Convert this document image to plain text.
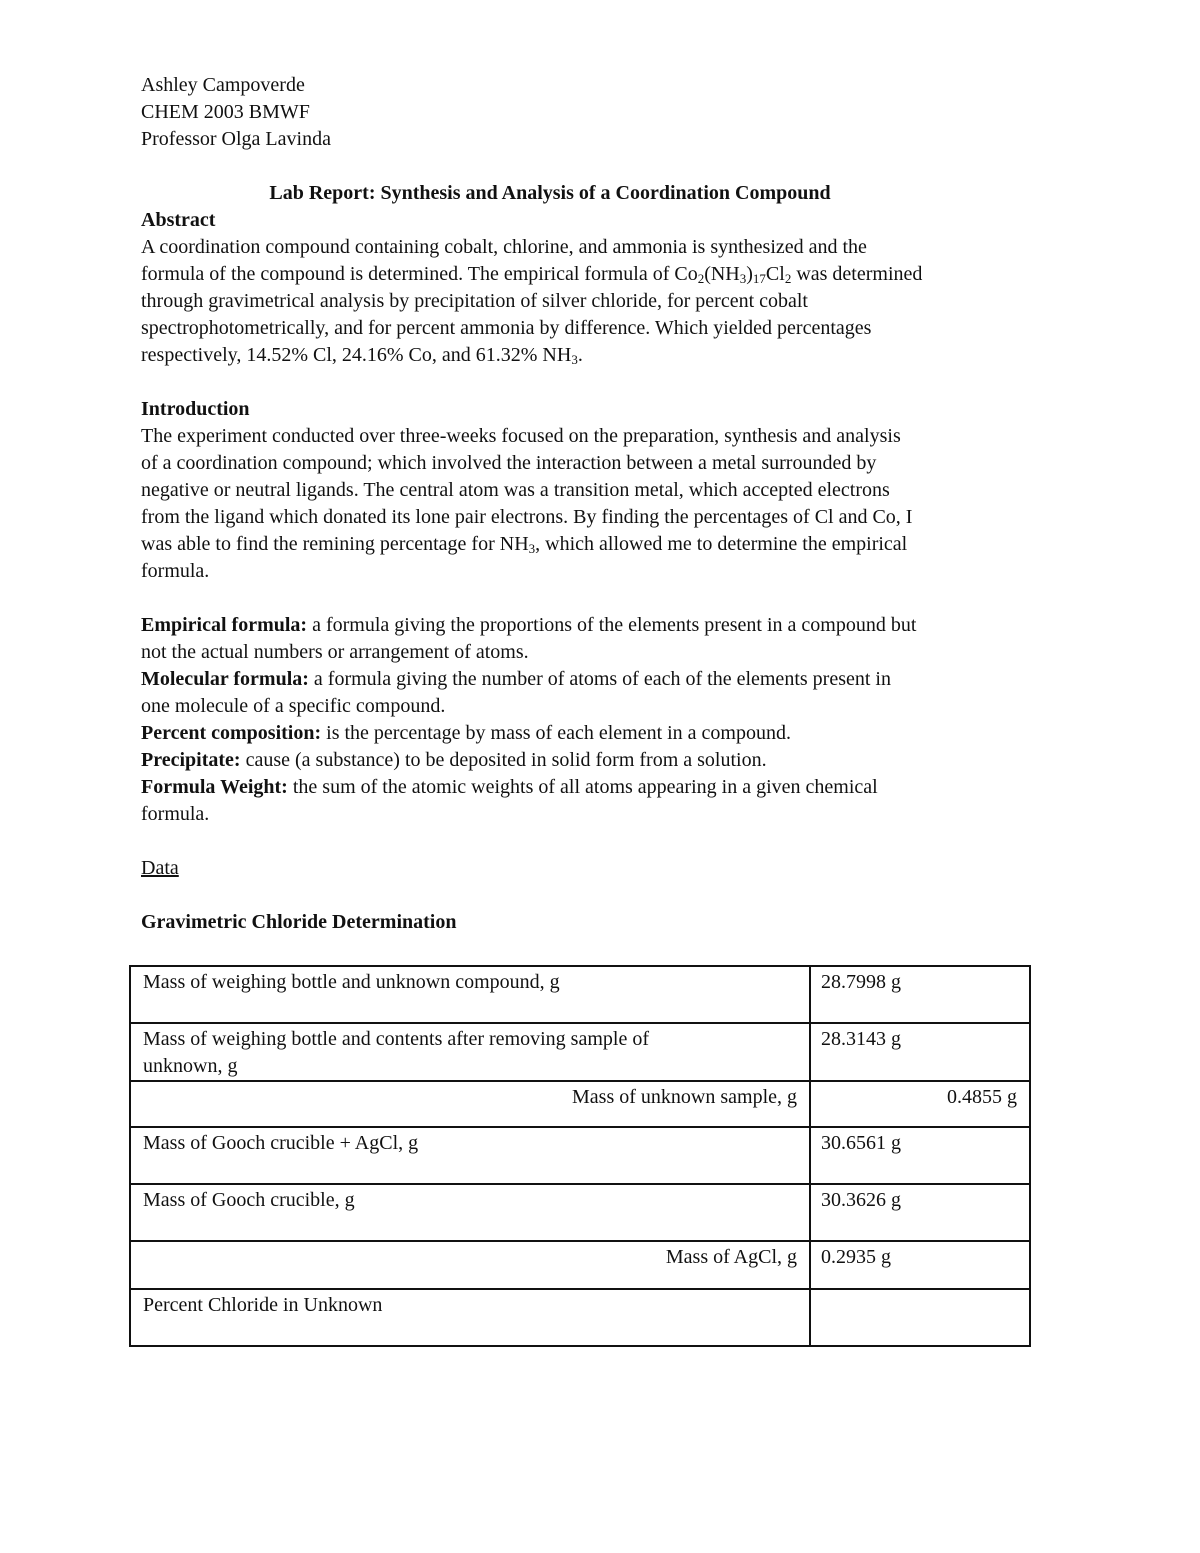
Ashley Campoverde
CHEM 2003 BMWF
Professor Olga Lavinda
Lab Report: Synthesis and Analysis of a Coordination Compound
Abstract
A coordination compound containing cobalt, chlorine, and ammonia is synthesized and the
formula of the compound is determined. The empirical formula of $Co_2(NH_3)_{17}Cl_2$ was determined
through gravimetrical analysis by precipitation of silver chloride, for percent cobalt
spectrophotometrically, and for percent ammonia by difference. Which yielded percentages
respectively, 14.52% Cl, 24.16% Co, and 61.32% $NH_3$.
Introduction
The experiment conducted over three-weeks focused on the preparation, synthesis and analysis
of a coordination compound; which involved the interaction between a metal surrounded by
negative or neutral ligands. The central atom was a transition metal, which accepted electrons
from the ligand which donated its lone pair electrons. By finding the percentages of Cl and Co, I
was able to find the remining percentage for $NH_3$, which allowed me to determine the empirical
formula.
Empirical formula: a formula giving the proportions of the elements present in a compound but
not the actual numbers or arrangement of atoms.
Molecular formula: a formula giving the number of atoms of each of the elements present in
one molecule of a specific compound.
Percent composition: is the percentage by mass of each element in a compound.
Precipitate: cause (a substance) to be deposited in solid form from a solution.
Formula Weight: the sum of the atomic weights of all atoms appearing in a given chemical
formula.
Data
Gravimetric Chloride Determination
Mass of weighing bottle and unknown compound, g	28.7998 g

Mass of weighing bottle and contents after removing sample of
unknown, g	28.3143 g
Mass of unknown sample, g	0.4855 g
Mass of Gooch crucible + AgCl, g	30.6561 g
Mass of Gooch crucible, g	30.3626 g
Mass of AgCl, g	0.2935 g
Percent Chloride in Unknown	
